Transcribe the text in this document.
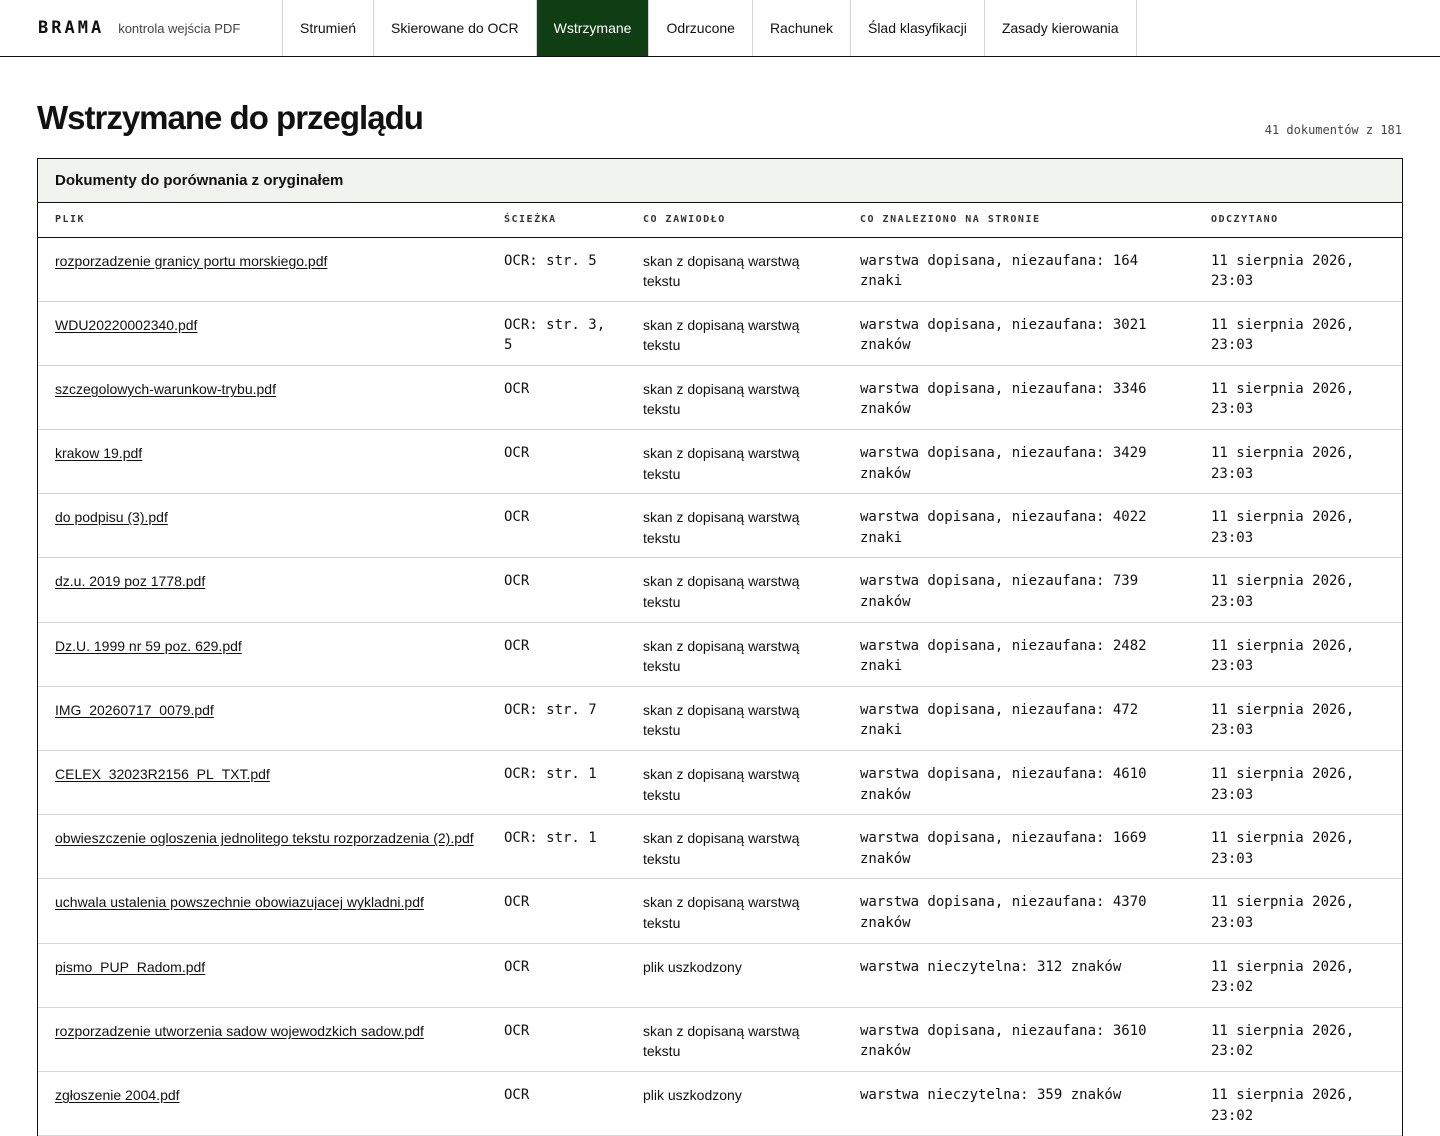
BRAMA kontrola wejścia PDF	Strumień	Skierowane do OCR	Wstrzymane	Odrzucone	Rachunek	Ślad klasyfikacji	Zasady kierowania
Wstrzymane do przeglądu	41 dokumentów z 181
Dokumenty do porównania z oryginałem
PLIK	ŚCIEŻKA	CO ZAWIODŁO	CO ZNALEZIONO NA STRONIE	ODCZYTANO
rozporzadzenie granicy portu morskiego.pdf	OCR: str. 5	skan z dopisaną warstwą tekstu	warstwa dopisana, niezaufana: 164 znaki	11 sierpnia 2026, 23:03
WDU20220002340.pdf	OCR: str. 3, 5	skan z dopisaną warstwą tekstu	warstwa dopisana, niezaufana: 3021 znaków	11 sierpnia 2026, 23:03
szczegolowych-warunkow-trybu.pdf	OCR	skan z dopisaną warstwą tekstu	warstwa dopisana, niezaufana: 3346 znaków	11 sierpnia 2026, 23:03
krakow 19.pdf	OCR	skan z dopisaną warstwą tekstu	warstwa dopisana, niezaufana: 3429 znaków	11 sierpnia 2026, 23:03
do podpisu (3).pdf	OCR	skan z dopisaną warstwą tekstu	warstwa dopisana, niezaufana: 4022 znaki	11 sierpnia 2026, 23:03
dz.u. 2019 poz 1778.pdf	OCR	skan z dopisaną warstwą tekstu	warstwa dopisana, niezaufana: 739 znaków	11 sierpnia 2026, 23:03
Dz.U. 1999 nr 59 poz. 629.pdf	OCR	skan z dopisaną warstwą tekstu	warstwa dopisana, niezaufana: 2482 znaki	11 sierpnia 2026, 23:03
IMG_20260717_0079.pdf	OCR: str. 7	skan z dopisaną warstwą tekstu	warstwa dopisana, niezaufana: 472 znaki	11 sierpnia 2026, 23:03
CELEX_32023R2156_PL_TXT.pdf	OCR: str. 1	skan z dopisaną warstwą tekstu	warstwa dopisana, niezaufana: 4610 znaków	11 sierpnia 2026, 23:03
obwieszczenie ogloszenia jednolitego tekstu rozporzadzenia (2).pdf	OCR: str. 1	skan z dopisaną warstwą tekstu	warstwa dopisana, niezaufana: 1669 znaków	11 sierpnia 2026, 23:03
uchwala ustalenia powszechnie obowiazujacej wykladni.pdf	OCR	skan z dopisaną warstwą tekstu	warstwa dopisana, niezaufana: 4370 znaków	11 sierpnia 2026, 23:03
pismo_PUP_Radom.pdf	OCR	plik uszkodzony	warstwa nieczytelna: 312 znaków	11 sierpnia 2026, 23:02
rozporzadzenie utworzenia sadow wojewodzkich sadow.pdf	OCR	skan z dopisaną warstwą tekstu	warstwa dopisana, niezaufana: 3610 znaków	11 sierpnia 2026, 23:02
zgłoszenie 2004.pdf	OCR	plik uszkodzony	warstwa nieczytelna: 359 znaków	11 sierpnia 2026, 23:02
